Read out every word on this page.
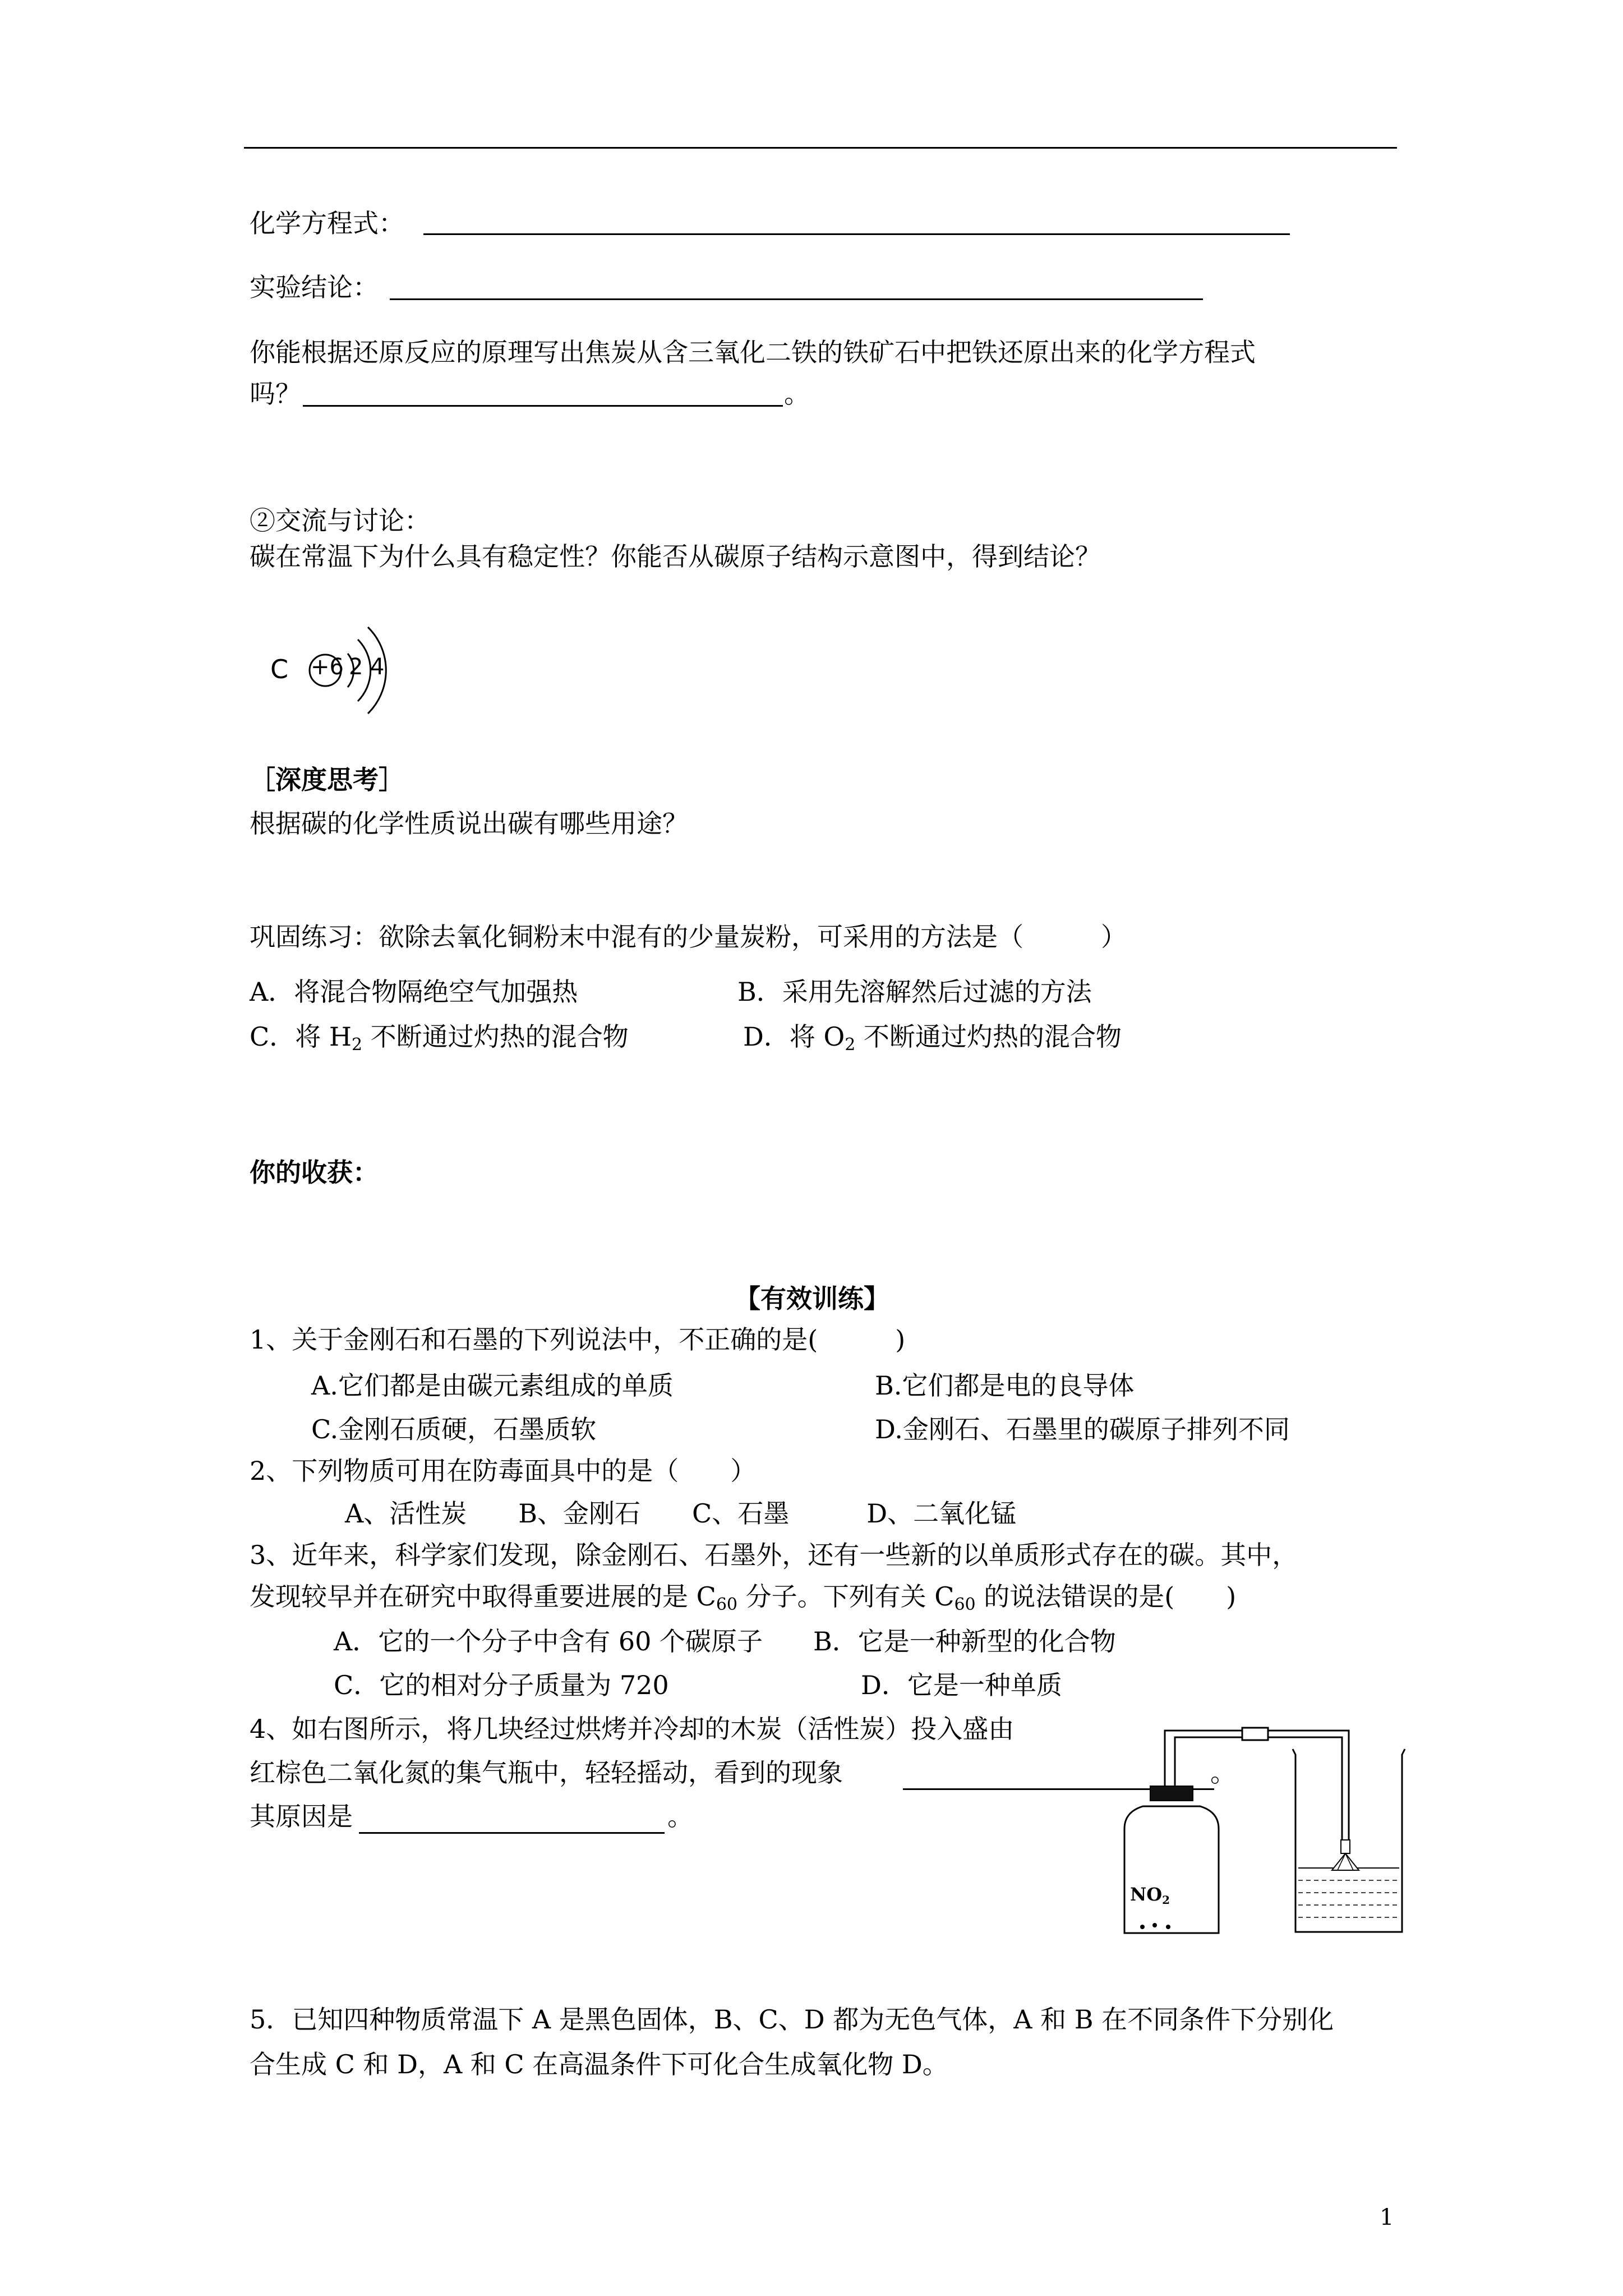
化学方程式：
实验结论：
你能根据还原反应的原理写出焦炭从含三氧化二铁的铁矿石中把铁还原出来的化学方程式
吗？	。
②交流与讨论：
碳在常温下为什么具有稳定性？你能否从碳原子结构示意图中，得到结论？
C +6 2 4
［深度思考］
根据碳的化学性质说出碳有哪些用途？
巩固练习：欲除去氧化铜粉末中混有的少量炭粉，可采用的方法是（　　　）
A．将混合物隔绝空气加强热	B．采用先溶解然后过滤的方法
C．将 $H_2$ 不断通过灼热的混合物	D．将 $O_2$ 不断通过灼热的混合物
你的收获：
【有效训练】
1、关于金刚石和石墨的下列说法中，不正确的是(　　　)
A.它们都是由碳元素组成的单质	B.它们都是电的良导体
C.金刚石质硬，石墨质软	D.金刚石、石墨里的碳原子排列不同
2、下列物质可用在防毒面具中的是（　　）
A、活性炭　　B、金刚石　　C、石墨　　　D、二氧化锰
3、近年来，科学家们发现，除金刚石、石墨外，还有一些新的以单质形式存在的碳。其中，
发现较早并在研究中取得重要进展的是 $C_{60}$ 分子。下列有关 $C_{60}$ 的说法错误的是(　　)
A．它的一个分子中含有 60 个碳原子 B．它是一种新型的化合物
C．它的相对分子质量为 720	D．它是一种单质
4、如右图所示，将几块经过烘烤并冷却的木炭（活性炭）投入盛由
红棕色二氧化氮的集气瓶中，轻轻摇动，看到的现象	。
其原因是	。
$NO_2$
5．已知四种物质常温下 A 是黑色固体，B、C、D 都为无色气体，A 和 B 在不同条件下分别化
合生成 C 和 D，A 和 C 在高温条件下可化合生成氧化物 D。
1
